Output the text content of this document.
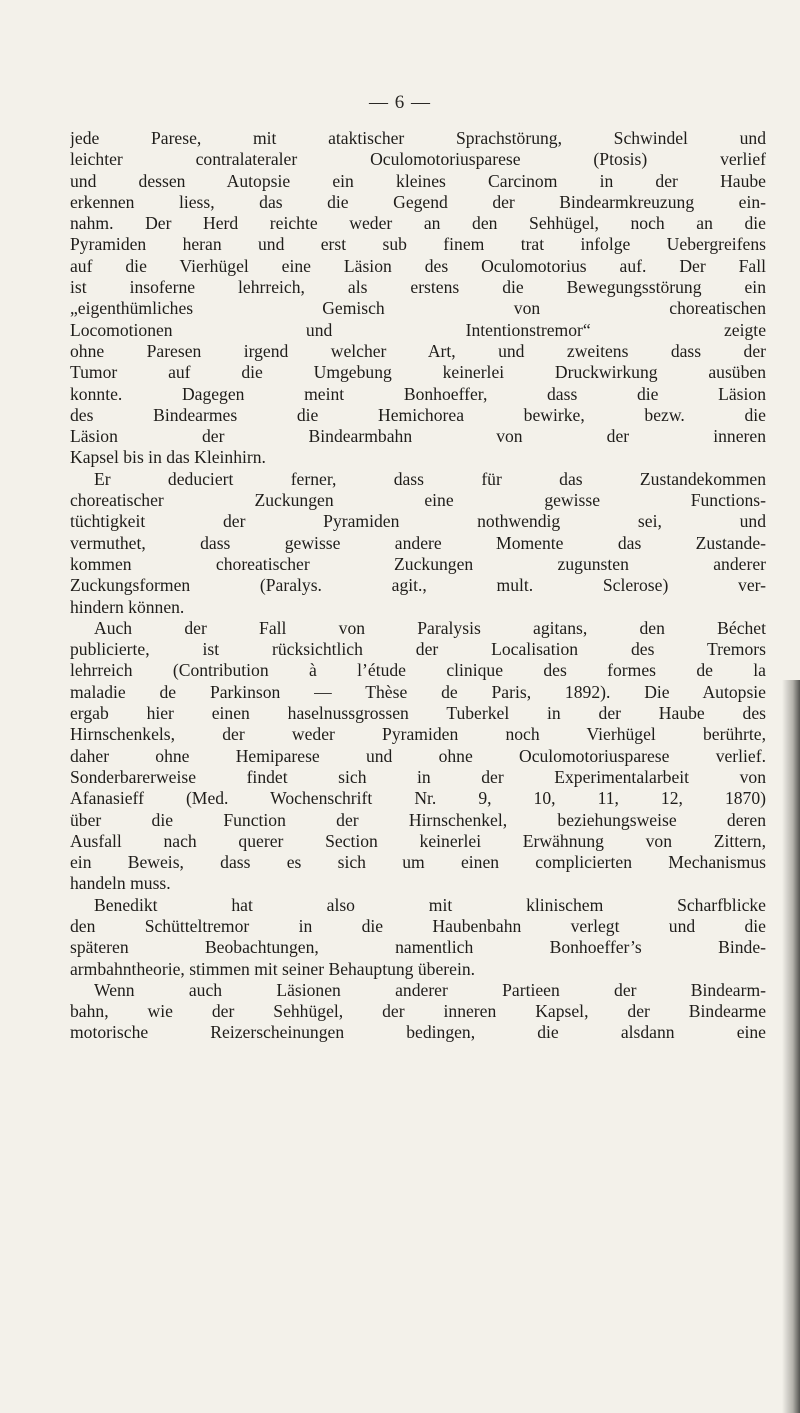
— 6 —
jede Parese, mit ataktischer Sprachstörung, Schwindel und
leichter contralateraler Oculomotoriusparese (Ptosis) verlief
und dessen Autopsie ein kleines Carcinom in der Haube
erkennen liess, das die Gegend der Bindearmkreuzung ein-
nahm. Der Herd reichte weder an den Sehhügel, noch an die
Pyramiden heran und erst sub finem trat infolge Uebergreifens
auf die Vierhügel eine Läsion des Oculomotorius auf. Der Fall
ist insoferne lehrreich, als erstens die Bewegungsstörung ein
„eigenthümliches Gemisch von choreatischen
Locomotionen und Intentionstremor“ zeigte
ohne Paresen irgend welcher Art, und zweitens dass der
Tumor auf die Umgebung keinerlei Druckwirkung ausüben
konnte. Dagegen meint Bonhoeffer, dass die Läsion
des Bindearmes die Hemichorea bewirke, bezw. die
Läsion der Bindearmbahn von der inneren
Kapsel bis in das Kleinhirn.
Er deduciert ferner, dass für das Zustandekommen
choreatischer Zuckungen eine gewisse Functions-
tüchtigkeit der Pyramiden nothwendig sei, und
vermuthet, dass gewisse andere Momente das Zustande-
kommen choreatischer Zuckungen zugunsten anderer
Zuckungsformen (Paralys. agit., mult. Sclerose) ver-
hindern können.
Auch der Fall von Paralysis agitans, den Béchet
publicierte, ist rücksichtlich der Localisation des Tremors
lehrreich (Contribution à l’étude clinique des formes de la
maladie de Parkinson — Thèse de Paris, 1892). Die Autopsie
ergab hier einen haselnussgrossen Tuberkel in der Haube des
Hirnschenkels, der weder Pyramiden noch Vierhügel berührte,
daher ohne Hemiparese und ohne Oculomotoriusparese verlief.
Sonderbarerweise findet sich in der Experimentalarbeit von
Afanasieff (Med. Wochenschrift Nr. 9, 10, 11, 12, 1870)
über die Function der Hirnschenkel, beziehungsweise deren
Ausfall nach querer Section keinerlei Erwähnung von Zittern,
ein Beweis, dass es sich um einen complicierten Mechanismus
handeln muss.
Benedikt hat also mit klinischem Scharfblicke
den Schütteltremor in die Haubenbahn verlegt und die
späteren Beobachtungen, namentlich Bonhoeffer’s Binde-
armbahntheorie, stimmen mit seiner Behauptung überein.
Wenn auch Läsionen anderer Partieen der Bindearm-
bahn, wie der Sehhügel, der inneren Kapsel, der Bindearme
motorische Reizerscheinungen bedingen, die alsdann eine
